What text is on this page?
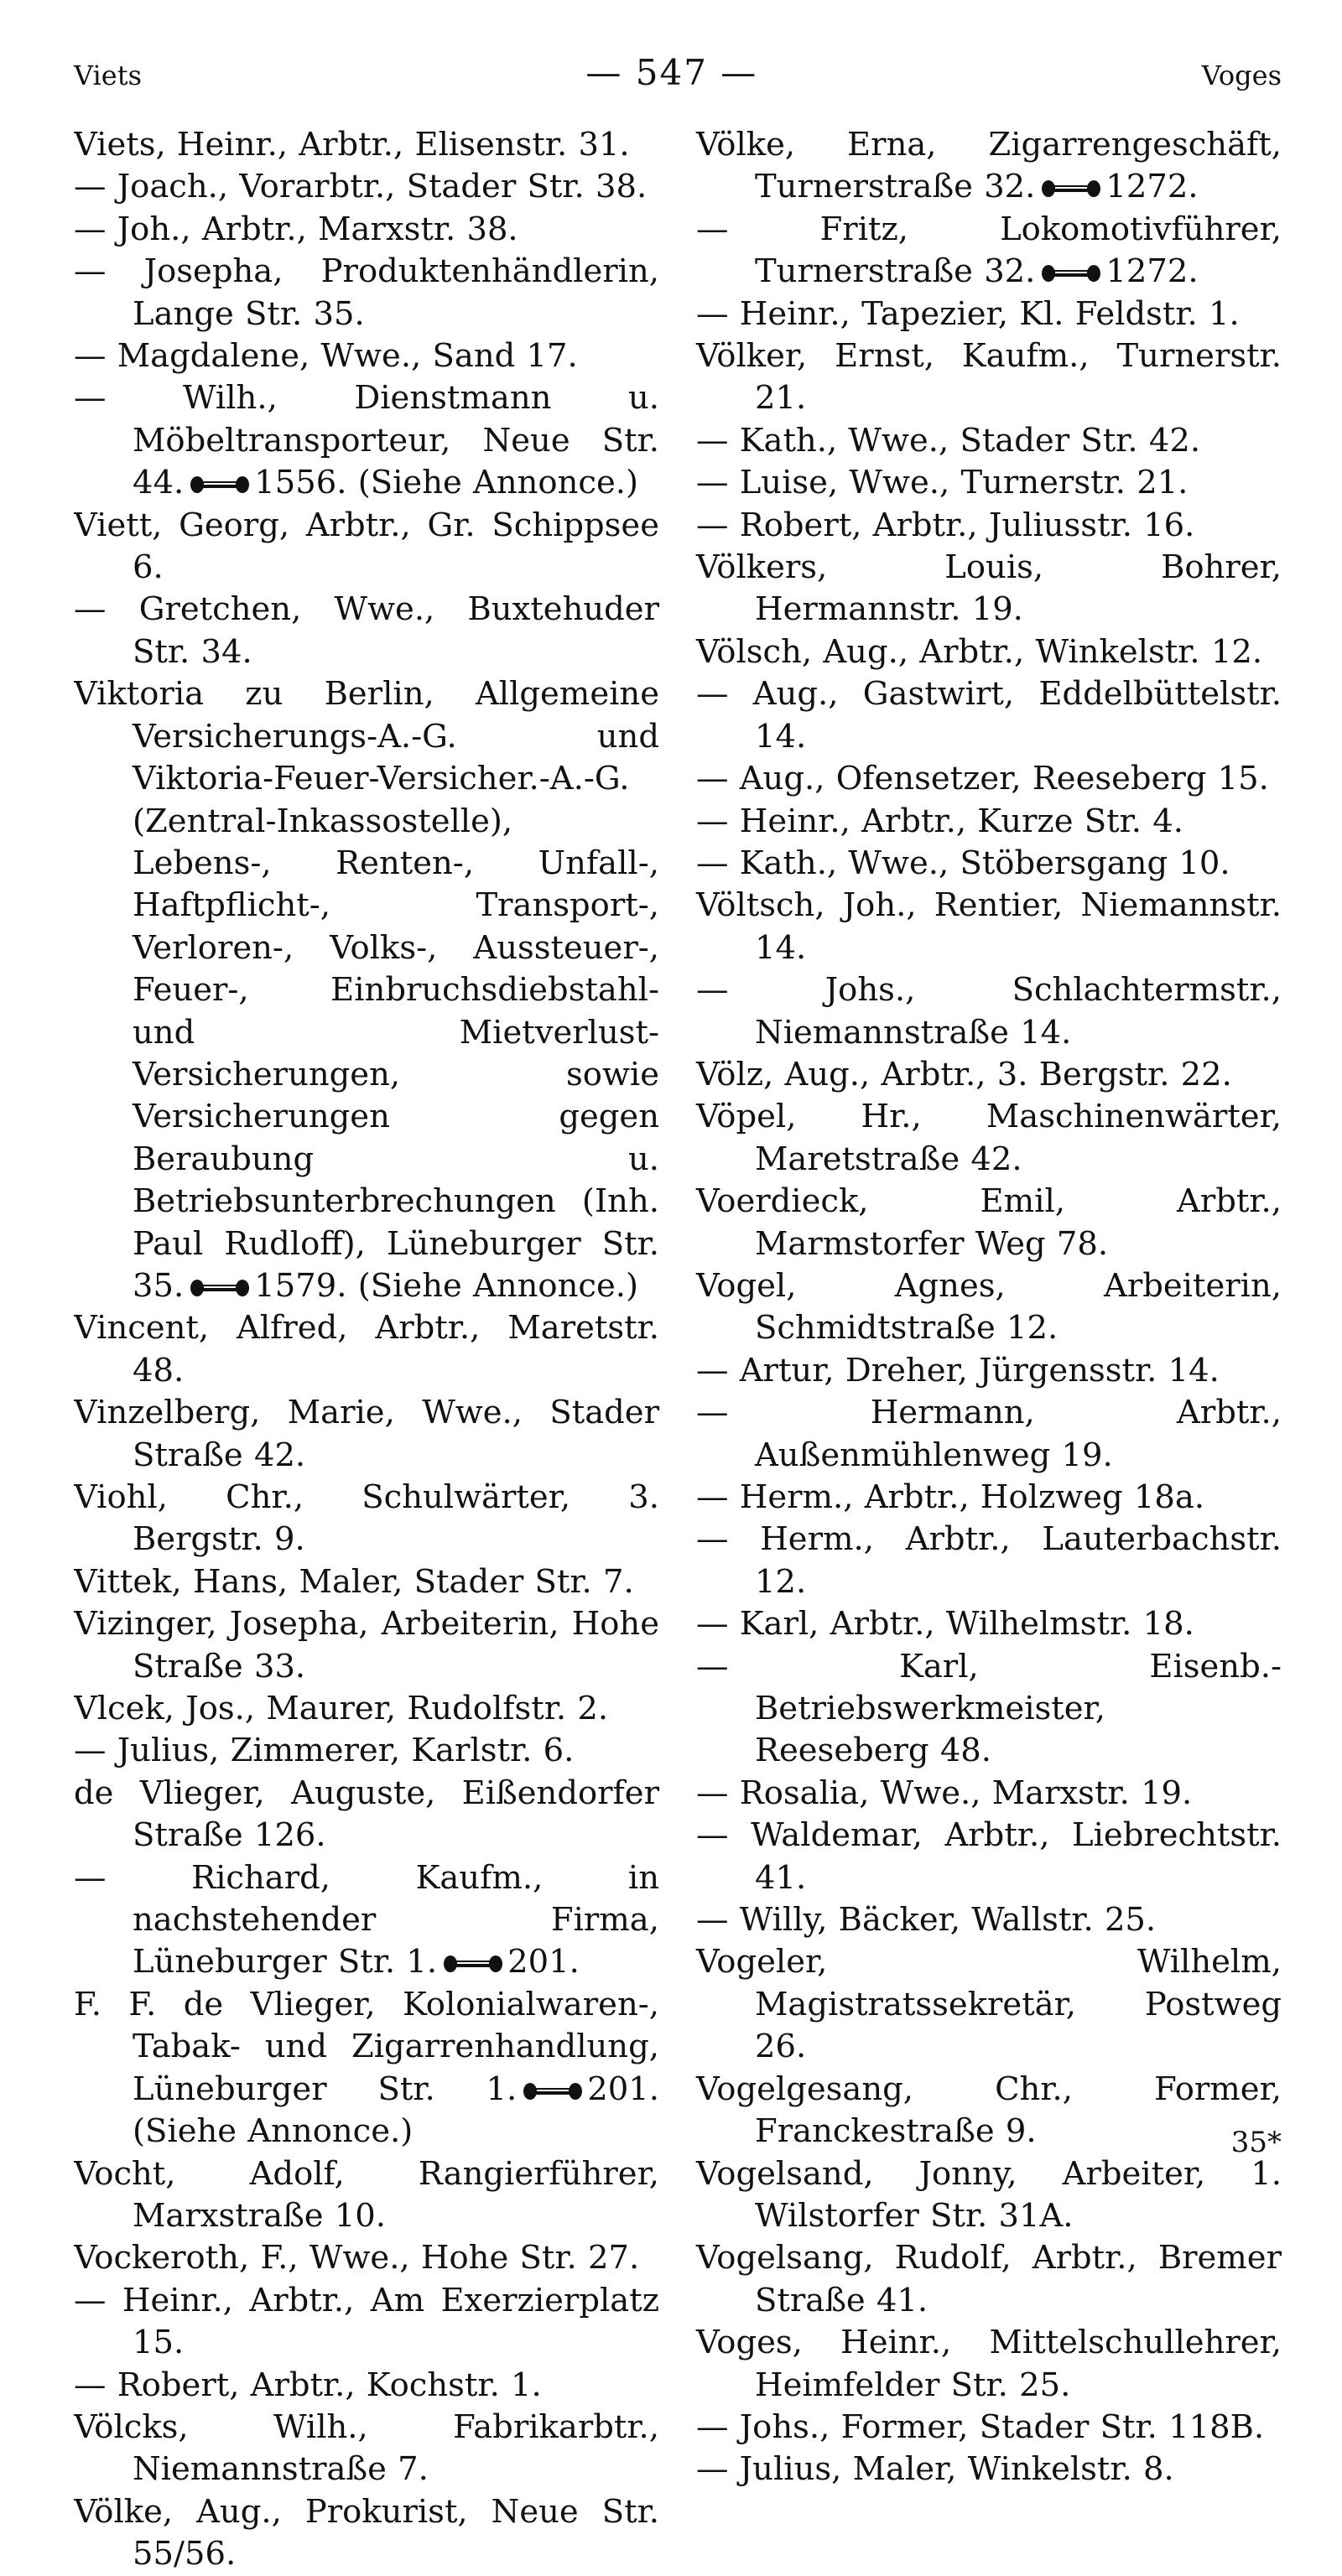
Viets	— 547 —	Voges
Viets, Heinr., Arbtr., Elisenstr. 31.
— Joach., Vorarbtr., Stader Str. 38.
— Joh., Arbtr., Marxstr. 38.
— Josepha, Produktenhändlerin, Lange Str. 35.
— Magdalene, Wwe., Sand 17.
— Wilh., Dienstmann u. Möbeltransporteur, Neue Str. 44. 1556. (Siehe Annonce.)
Viett, Georg, Arbtr., Gr. Schippsee 6.
— Gretchen, Wwe., Buxtehuder Str. 34.
Viktoria zu Berlin, Allgemeine Versicherungs-A.-G. und Viktoria-Feuer-Versicher.-A.-G. (Zentral-Inkassostelle), Lebens-, Renten-, Unfall-, Haftpflicht-, Transport-, Verloren-, Volks-, Aussteuer-, Feuer-, Einbruchsdiebstahl- und Mietverlust-Versicherungen, sowie Versicherungen gegen Beraubung u. Betriebsunterbrechungen (Inh. Paul Rudloff), Lüneburger Str. 35. 1579. (Siehe Annonce.)
Vincent, Alfred, Arbtr., Maretstr. 48.
Vinzelberg, Marie, Wwe., Stader Straße 42.
Viohl, Chr., Schulwärter, 3. Bergstr. 9.
Vittek, Hans, Maler, Stader Str. 7.
Vizinger, Josepha, Arbeiterin, Hohe Straße 33.
Vlcek, Jos., Maurer, Rudolfstr. 2.
— Julius, Zimmerer, Karlstr. 6.
de Vlieger, Auguste, Eißendorfer Straße 126.
— Richard, Kaufm., in nachstehender Firma, Lüneburger Str. 1. 201.
F. F. de Vlieger, Kolonialwaren-, Tabak- und Zigarrenhandlung, Lüneburger Str. 1. 201. (Siehe Annonce.)
Vocht, Adolf, Rangierführer, Marxstraße 10.
Vockeroth, F., Wwe., Hohe Str. 27.
— Heinr., Arbtr., Am Exerzierplatz 15.
— Robert, Arbtr., Kochstr. 1.
Völcks, Wilh., Fabrikarbtr., Niemannstraße 7.
Völke, Aug., Prokurist, Neue Str. 55/56.
Völke, Erna, Zigarrengeschäft, Turnerstraße 32. 1272.
— Fritz, Lokomotivführer, Turnerstraße 32. 1272.
— Heinr., Tapezier, Kl. Feldstr. 1.
Völker, Ernst, Kaufm., Turnerstr. 21.
— Kath., Wwe., Stader Str. 42.
— Luise, Wwe., Turnerstr. 21.
— Robert, Arbtr., Juliusstr. 16.
Völkers, Louis, Bohrer, Hermannstr. 19.
Völsch, Aug., Arbtr., Winkelstr. 12.
— Aug., Gastwirt, Eddelbüttelstr. 14.
— Aug., Ofensetzer, Reeseberg 15.
— Heinr., Arbtr., Kurze Str. 4.
— Kath., Wwe., Stöbersgang 10.
Völtsch, Joh., Rentier, Niemannstr. 14.
— Johs., Schlachtermstr., Niemannstraße 14.
Völz, Aug., Arbtr., 3. Bergstr. 22.
Vöpel, Hr., Maschinenwärter, Maretstraße 42.
Voerdieck, Emil, Arbtr., Marmstorfer Weg 78.
Vogel, Agnes, Arbeiterin, Schmidtstraße 12.
— Artur, Dreher, Jürgensstr. 14.
— Hermann, Arbtr., Außenmühlenweg 19.
— Herm., Arbtr., Holzweg 18a.
— Herm., Arbtr., Lauterbachstr. 12.
— Karl, Arbtr., Wilhelmstr. 18.
— Karl, Eisenb.-Betriebswerkmeister, Reeseberg 48.
— Rosalia, Wwe., Marxstr. 19.
— Waldemar, Arbtr., Liebrechtstr. 41.
— Willy, Bäcker, Wallstr. 25.
Vogeler, Wilhelm, Magistratssekretär, Postweg 26.
Vogelgesang, Chr., Former, Franckestraße 9.
Vogelsand, Jonny, Arbeiter, 1. Wilstorfer Str. 31A.
Vogelsang, Rudolf, Arbtr., Bremer Straße 41.
Voges, Heinr., Mittelschullehrer, Heimfelder Str. 25.
— Johs., Former, Stader Str. 118B.
— Julius, Maler, Winkelstr. 8.
35*
